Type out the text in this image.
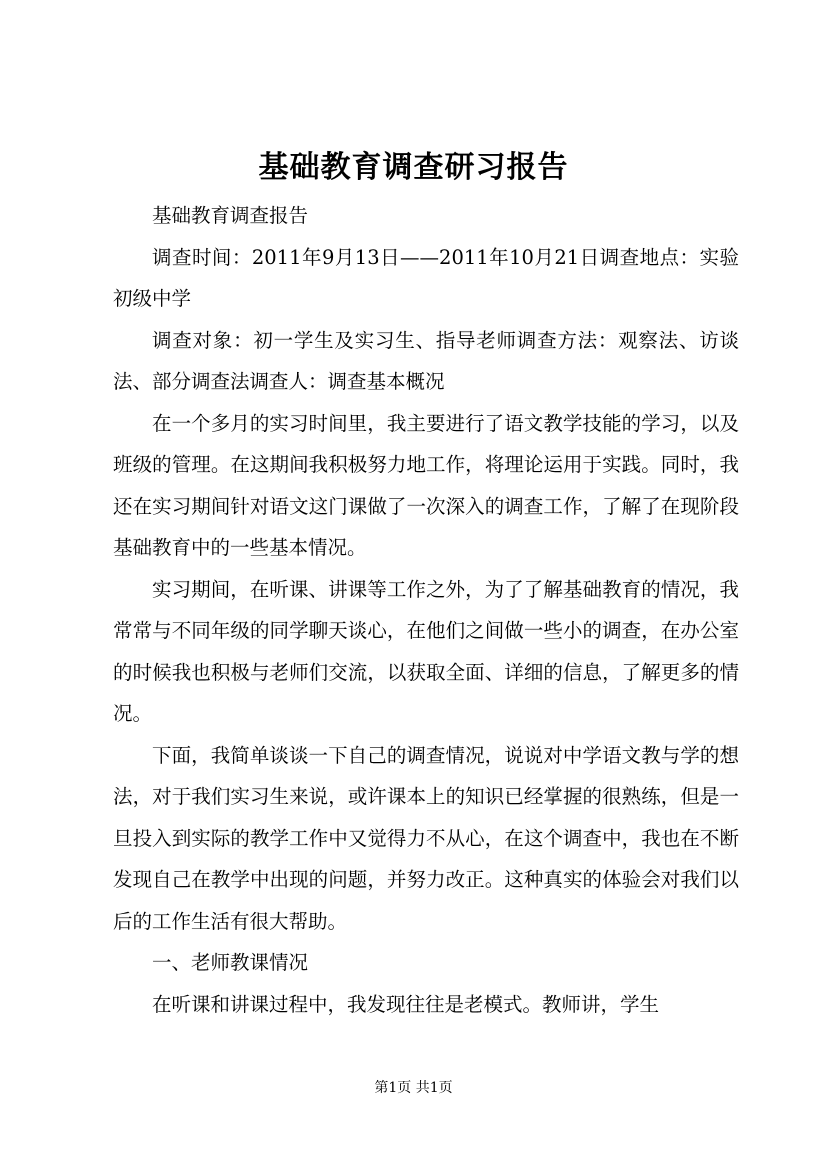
基础教育调查研习报告

基础教育调查报告

调查时间：2011年9月13日——2011年10月21日调查地点：实验初级中学

调查对象：初一学生及实习生、指导老师调查方法：观察法、访谈法、部分调查法调查人：调查基本概况

在一个多月的实习时间里，我主要进行了语文教学技能的学习，以及班级的管理。在这期间我积极努力地工作，将理论运用于实践。同时，我还在实习期间针对语文这门课做了一次深入的调查工作，了解了在现阶段基础教育中的一些基本情况。

实习期间，在听课、讲课等工作之外，为了了解基础教育的情况，我常常与不同年级的同学聊天谈心，在他们之间做一些小的调查，在办公室的时候我也积极与老师们交流，以获取全面、详细的信息，了解更多的情况。

下面，我简单谈谈一下自己的调查情况，说说对中学语文教与学的想法，对于我们实习生来说，或许课本上的知识已经掌握的很熟练，但是一旦投入到实际的教学工作中又觉得力不从心，在这个调查中，我也在不断发现自己在教学中出现的问题，并努力改正。这种真实的体验会对我们以后的工作生活有很大帮助。

一、老师教课情况

在听课和讲课过程中，我发现往往是老模式。教师讲，学生

第1页 共1页
